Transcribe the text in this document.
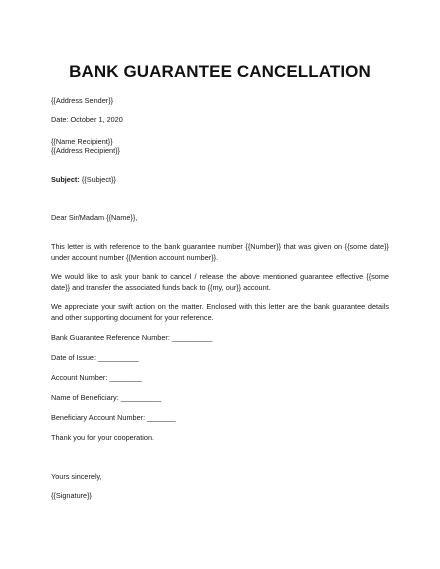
BANK GUARANTEE CANCELLATION
{{Address Sender}}
Date: October 1, 2020
{{Name Recipient}}
{{Address Recipient}}
Subject: {{Subject}}
Dear Sir/Madam {{Name}},
This letter is with reference to the bank guarantee number {{Number}} that was given on {{some date}} under account number {{Mention account number}}.
We would like to ask your bank to cancel / release the above mentioned guarantee effective {{some date}} and transfer the associated funds back to {{my, our}} account.
We appreciate your swift action on the matter. Enclosed with this letter are the bank guarantee details and other supporting document for your reference.
Bank Guarantee Reference Number: __________
Date of Issue: __________
Account Number: ________
Name of Beneficiary: __________
Beneficiary Account Number: _______
Thank you for your cooperation.
Yours sincerely,
{{Signature}}
